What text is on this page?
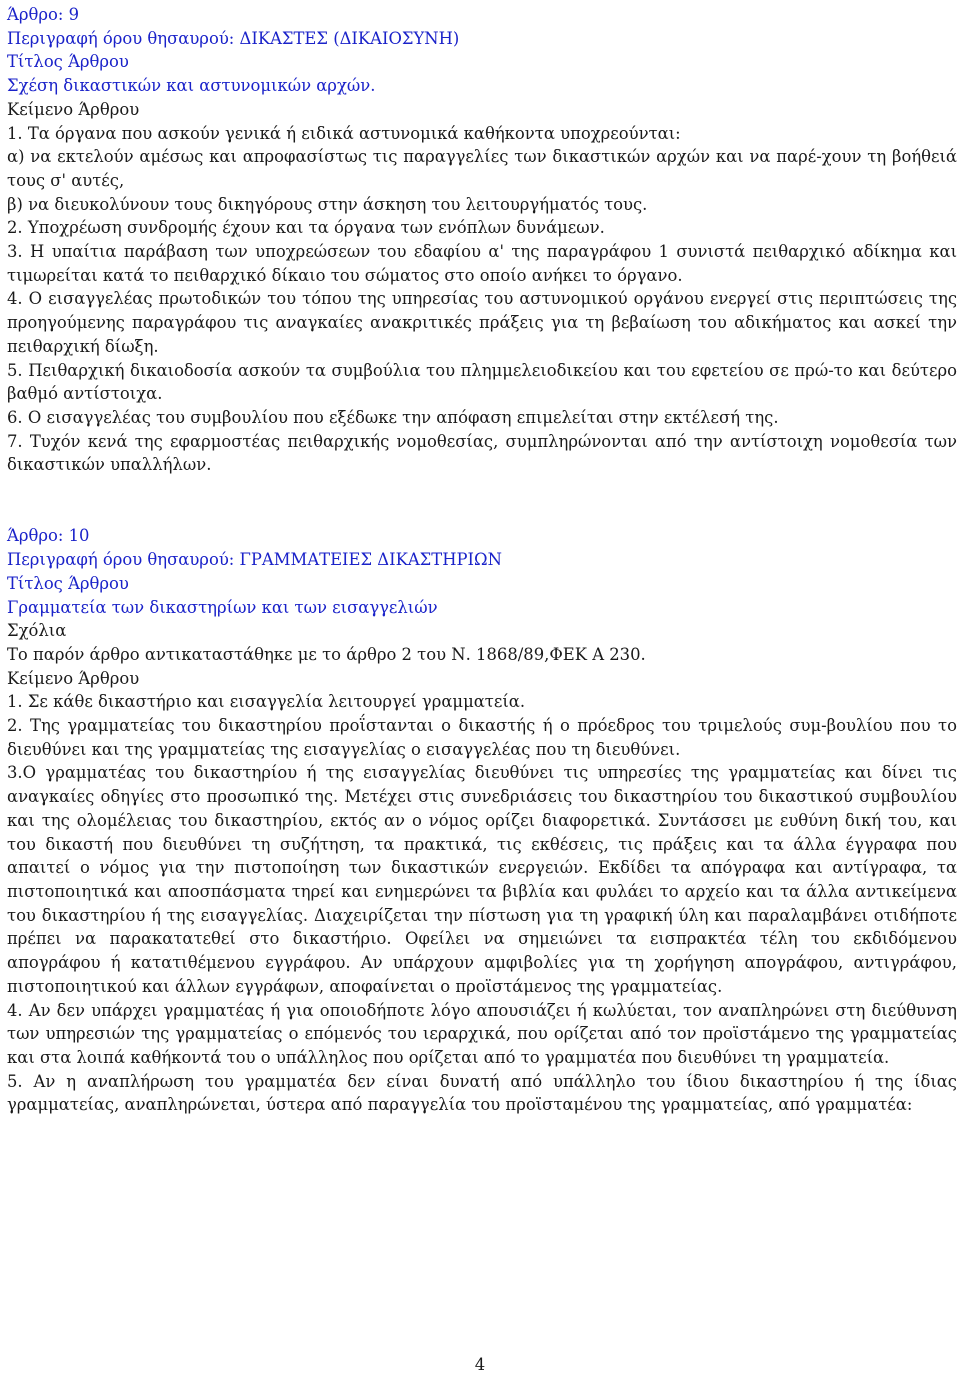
Άρθρο: 9
Περιγραφή όρου θησαυρού: ΔΙΚΑΣΤΕΣ (ΔΙΚΑΙΟΣΥΝΗ)
Τίτλος Άρθρου
Σχέση δικαστικών και αστυνομικών αρχών.
Κείμενο Άρθρου
1. Τα όργανα που ασκούν γενικά ή ειδικά αστυνομικά καθήκοντα υποχρεούνται:
α) να εκτελούν αμέσως και απροφασίστως τις παραγγελίες των δικαστικών αρχών και να παρέ-χουν τη βοήθειά τους σ' αυτές,
β) να διευκολύνουν τους δικηγόρους στην άσκηση του λειτουργήματός τους.
2. Υποχρέωση συνδρομής έχουν και τα όργανα των ενόπλων δυνάμεων.
3. Η υπαίτια παράβαση των υποχρεώσεων του εδαφίου α' της παραγράφου 1 συνιστά πειθαρχικό αδίκημα και τιμωρείται κατά το πειθαρχικό δίκαιο του σώματος στο οποίο ανήκει το όργανο.
4. Ο εισαγγελέας πρωτοδικών του τόπου της υπηρεσίας του αστυνομικού οργάνου ενεργεί στις περιπτώσεις της προηγούμενης παραγράφου τις αναγκαίες ανακριτικές πράξεις για τη βεβαίωση του αδικήματος και ασκεί την πειθαρχική δίωξη.
5. Πειθαρχική δικαιοδοσία ασκούν τα συμβούλια του πλημμελειοδικείου και του εφετείου σε πρώ-το και δεύτερο βαθμό αντίστοιχα.
6. Ο εισαγγελέας του συμβουλίου που εξέδωκε την απόφαση επιμελείται στην εκτέλεσή της.
7. Τυχόν κενά της εφαρμοστέας πειθαρχικής νομοθεσίας, συμπληρώνονται από την αντίστοιχη νομοθεσία των δικαστικών υπαλλήλων.
Άρθρο: 10
Περιγραφή όρου θησαυρού: ΓΡΑΜΜΑΤΕΙΕΣ ΔΙΚΑΣΤΗΡΙΩΝ
Τίτλος Άρθρου
Γραμματεία των δικαστηρίων και των εισαγγελιών
Σχόλια
Το παρόν άρθρο αντικαταστάθηκε με το άρθρο 2 του Ν. 1868/89,ΦΕΚ Α 230.
Κείμενο Άρθρου
1. Σε κάθε δικαστήριο και εισαγγελία λειτουργεί γραμματεία.
2. Της γραμματείας του δικαστηρίου προΐστανται ο δικαστής ή ο πρόεδρος του τριμελούς συμ-βουλίου που το διευθύνει και της γραμματείας της εισαγγελίας ο εισαγγελέας που τη διευθύνει.
3.Ο γραμματέας του δικαστηρίου ή της εισαγγελίας διευθύνει τις υπηρεσίες της γραμματείας και δίνει τις αναγκαίες οδηγίες στο προσωπικό της. Μετέχει στις συνεδριάσεις του δικαστηρίου του δικαστικού συμβουλίου και της ολομέλειας του δικαστηρίου, εκτός αν ο νόμος ορίζει διαφορετικά. Συντάσσει με ευθύνη δική του, και του δικαστή που διευθύνει τη συζήτηση, τα πρακτικά, τις εκθέσεις, τις πράξεις και τα άλλα έγγραφα που απαιτεί ο νόμος για την πιστοποίηση των δικαστικών ενεργειών. Εκδίδει τα απόγραφα και αντίγραφα, τα πιστοποιητικά και αποσπάσματα τηρεί και ενημερώνει τα βιβλία και φυλάει το αρχείο και τα άλλα αντικείμενα του δικαστηρίου ή της εισαγγελίας. Διαχειρίζεται την πίστωση για τη γραφική ύλη και παραλαμβάνει οτιδήποτε πρέπει να παρακατατεθεί στο δικαστήριο. Οφείλει να σημειώνει τα εισπρακτέα τέλη του εκδιδόμενου απογράφου ή κατατιθέμενου εγγράφου. Αν υπάρχουν αμφιβολίες για τη χορήγηση απογράφου, αντιγράφου, πιστοποιητικού και άλλων εγγράφων, αποφαίνεται ο προϊστάμενος της γραμματείας.
4. Αν δεν υπάρχει γραμματέας ή για οποιοδήποτε λόγο απουσιάζει ή κωλύεται, τον αναπληρώνει στη διεύθυνση των υπηρεσιών της γραμματείας ο επόμενός του ιεραρχικά, που ορίζεται από τον προϊστάμενο της γραμματείας και στα λοιπά καθήκοντά του ο υπάλληλος που ορίζεται από το γραμματέα που διευθύνει τη γραμματεία.
5. Αν η αναπλήρωση του γραμματέα δεν είναι δυνατή από υπάλληλο του ίδιου δικαστηρίου ή της ίδιας γραμματείας, αναπληρώνεται, ύστερα από παραγγελία του προϊσταμένου της γραμματείας, από γραμματέα:
4
